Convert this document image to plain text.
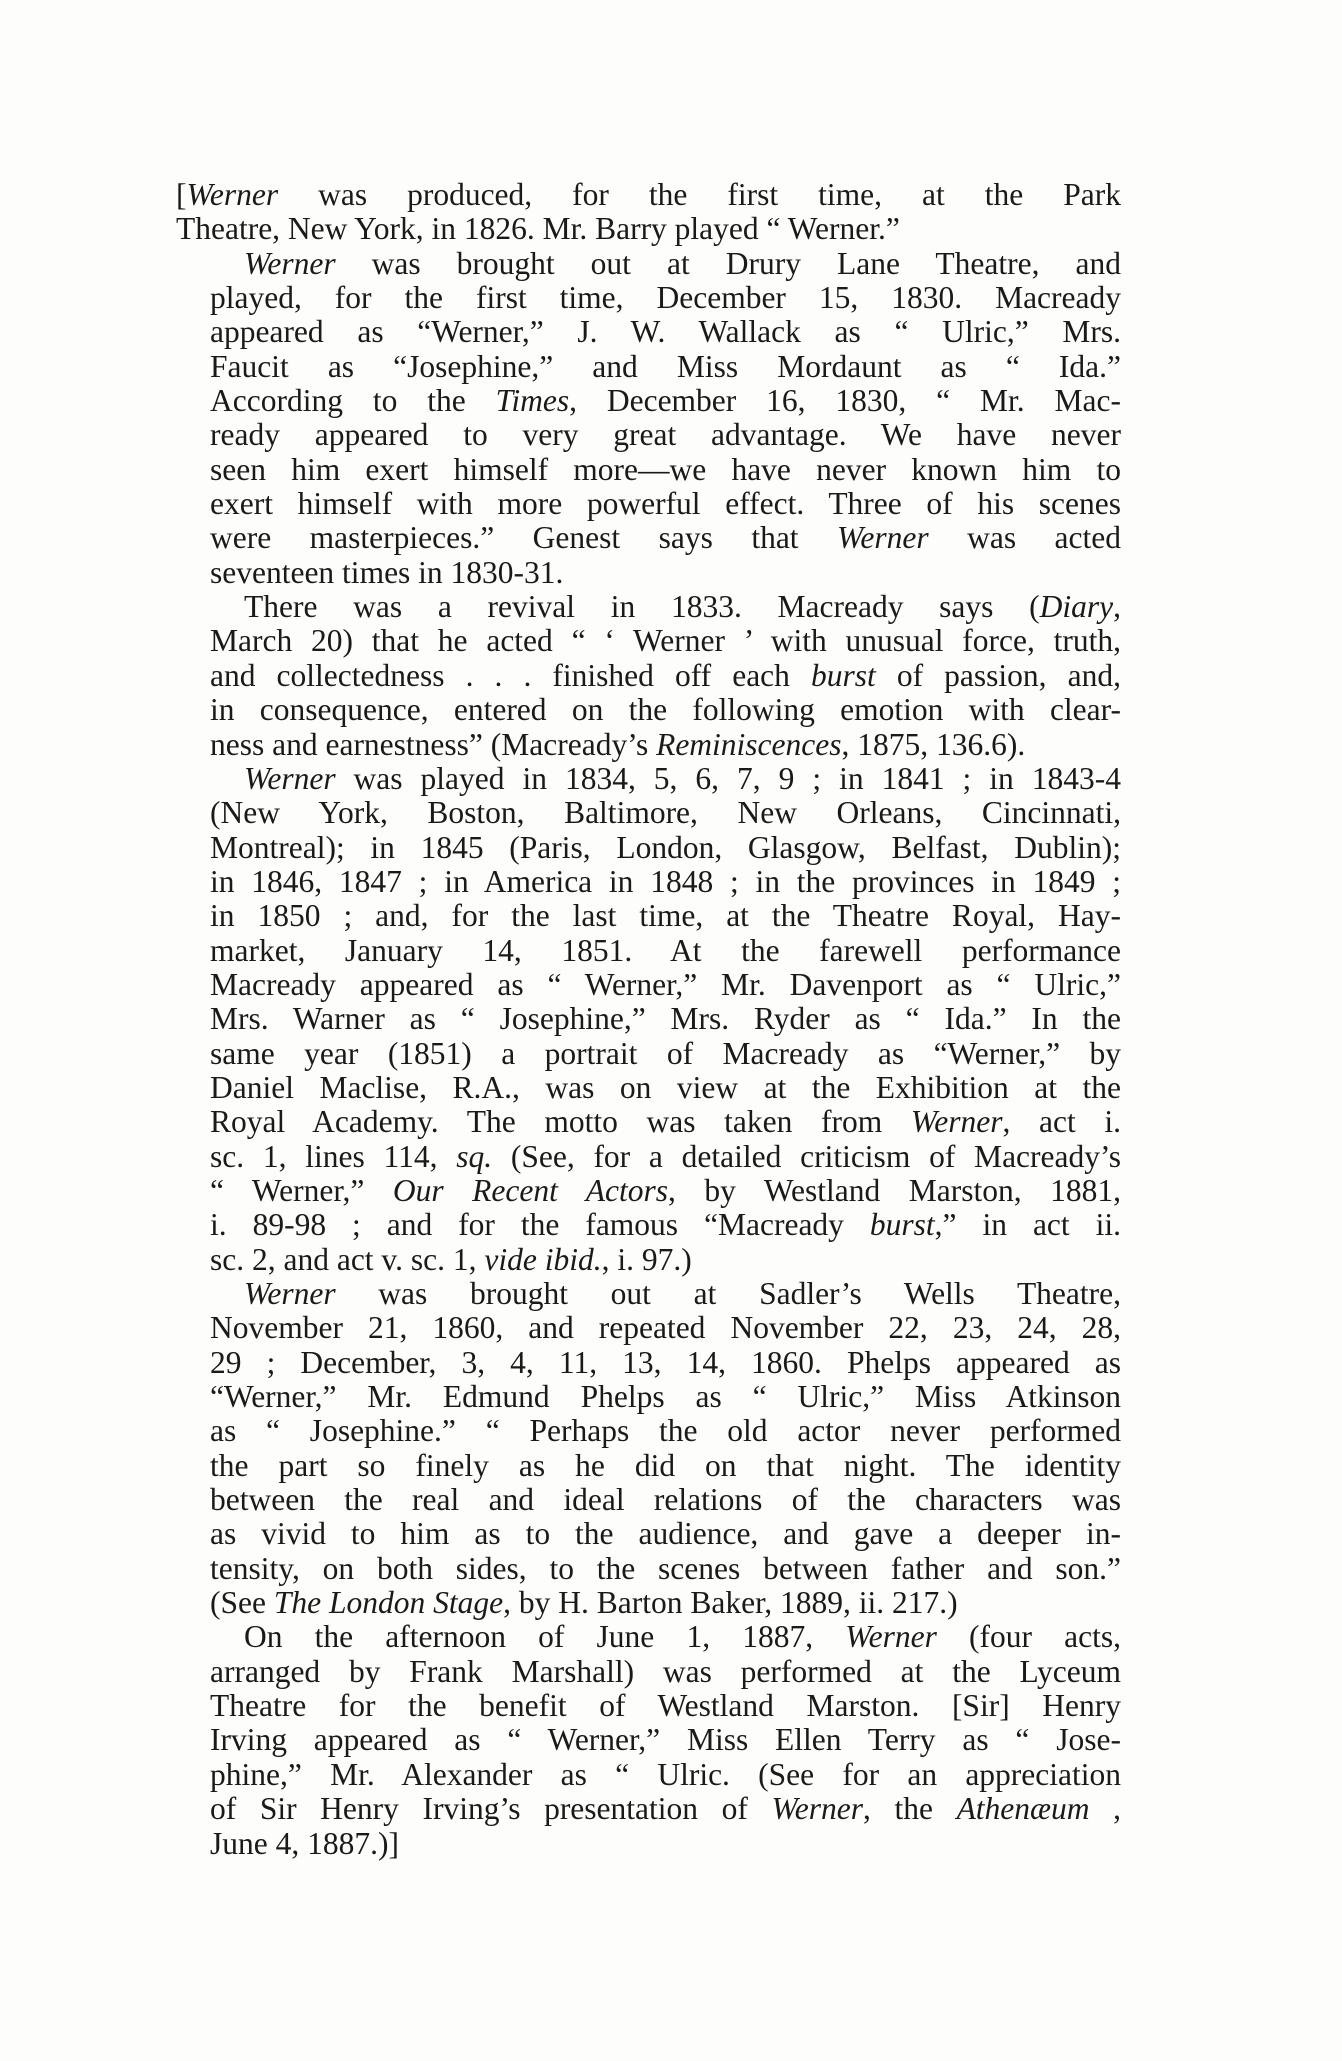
[Werner was produced, for the first time, at the Park
Theatre, New York, in 1826. Mr. Barry played “ Werner.”
Werner was brought out at Drury Lane Theatre, and
played, for the first time, December 15, 1830. Macready
appeared as “Werner,” J. W. Wallack as “ Ulric,” Mrs.
Faucit as “Josephine,” and Miss Mordaunt as “ Ida.”
According to the Times, December 16, 1830, “ Mr. Mac-
ready appeared to very great advantage. We have never
seen him exert himself more—we have never known him to
exert himself with more powerful effect. Three of his scenes
were masterpieces.” Genest says that Werner was acted
seventeen times in 1830-31.
There was a revival in 1833. Macready says (Diary,
March 20) that he acted “ ‘ Werner ’ with unusual force, truth,
and collectedness . . . finished off each burst of passion, and,
in consequence, entered on the following emotion with clear-
ness and earnestness” (Macready’s Reminiscences, 1875, 136.6).
Werner was played in 1834, 5, 6, 7, 9 ; in 1841 ; in 1843-4
(New York, Boston, Baltimore, New Orleans, Cincinnati,
Montreal); in 1845 (Paris, London, Glasgow, Belfast, Dublin);
in 1846, 1847 ; in America in 1848 ; in the provinces in 1849 ;
in 1850 ; and, for the last time, at the Theatre Royal, Hay-
market, January 14, 1851. At the farewell performance
Macready appeared as “ Werner,” Mr. Davenport as “ Ulric,”
Mrs. Warner as “ Josephine,” Mrs. Ryder as “ Ida.” In the
same year (1851) a portrait of Macready as “Werner,” by
Daniel Maclise, R.A., was on view at the Exhibition at the
Royal Academy. The motto was taken from Werner, act i.
sc. 1, lines 114, sq. (See, for a detailed criticism of Macready’s
“ Werner,” Our Recent Actors, by Westland Marston, 1881,
i. 89-98 ; and for the famous “Macready burst,” in act ii.
sc. 2, and act v. sc. 1, vide ibid., i. 97.)
Werner was brought out at Sadler’s Wells Theatre,
November 21, 1860, and repeated November 22, 23, 24, 28,
29 ; December, 3, 4, 11, 13, 14, 1860. Phelps appeared as
“Werner,” Mr. Edmund Phelps as “ Ulric,” Miss Atkinson
as “ Josephine.” “ Perhaps the old actor never performed
the part so finely as he did on that night. The identity
between the real and ideal relations of the characters was
as vivid to him as to the audience, and gave a deeper in-
tensity, on both sides, to the scenes between father and son.”
(See The London Stage, by H. Barton Baker, 1889, ii. 217.)
On the afternoon of June 1, 1887, Werner (four acts,
arranged by Frank Marshall) was performed at the Lyceum
Theatre for the benefit of Westland Marston. [Sir] Henry
Irving appeared as “ Werner,” Miss Ellen Terry as “ Jose-
phine,” Mr. Alexander as “ Ulric. (See for an appreciation
of Sir Henry Irving’s presentation of Werner, the Athenæum ,
June 4, 1887.)]
